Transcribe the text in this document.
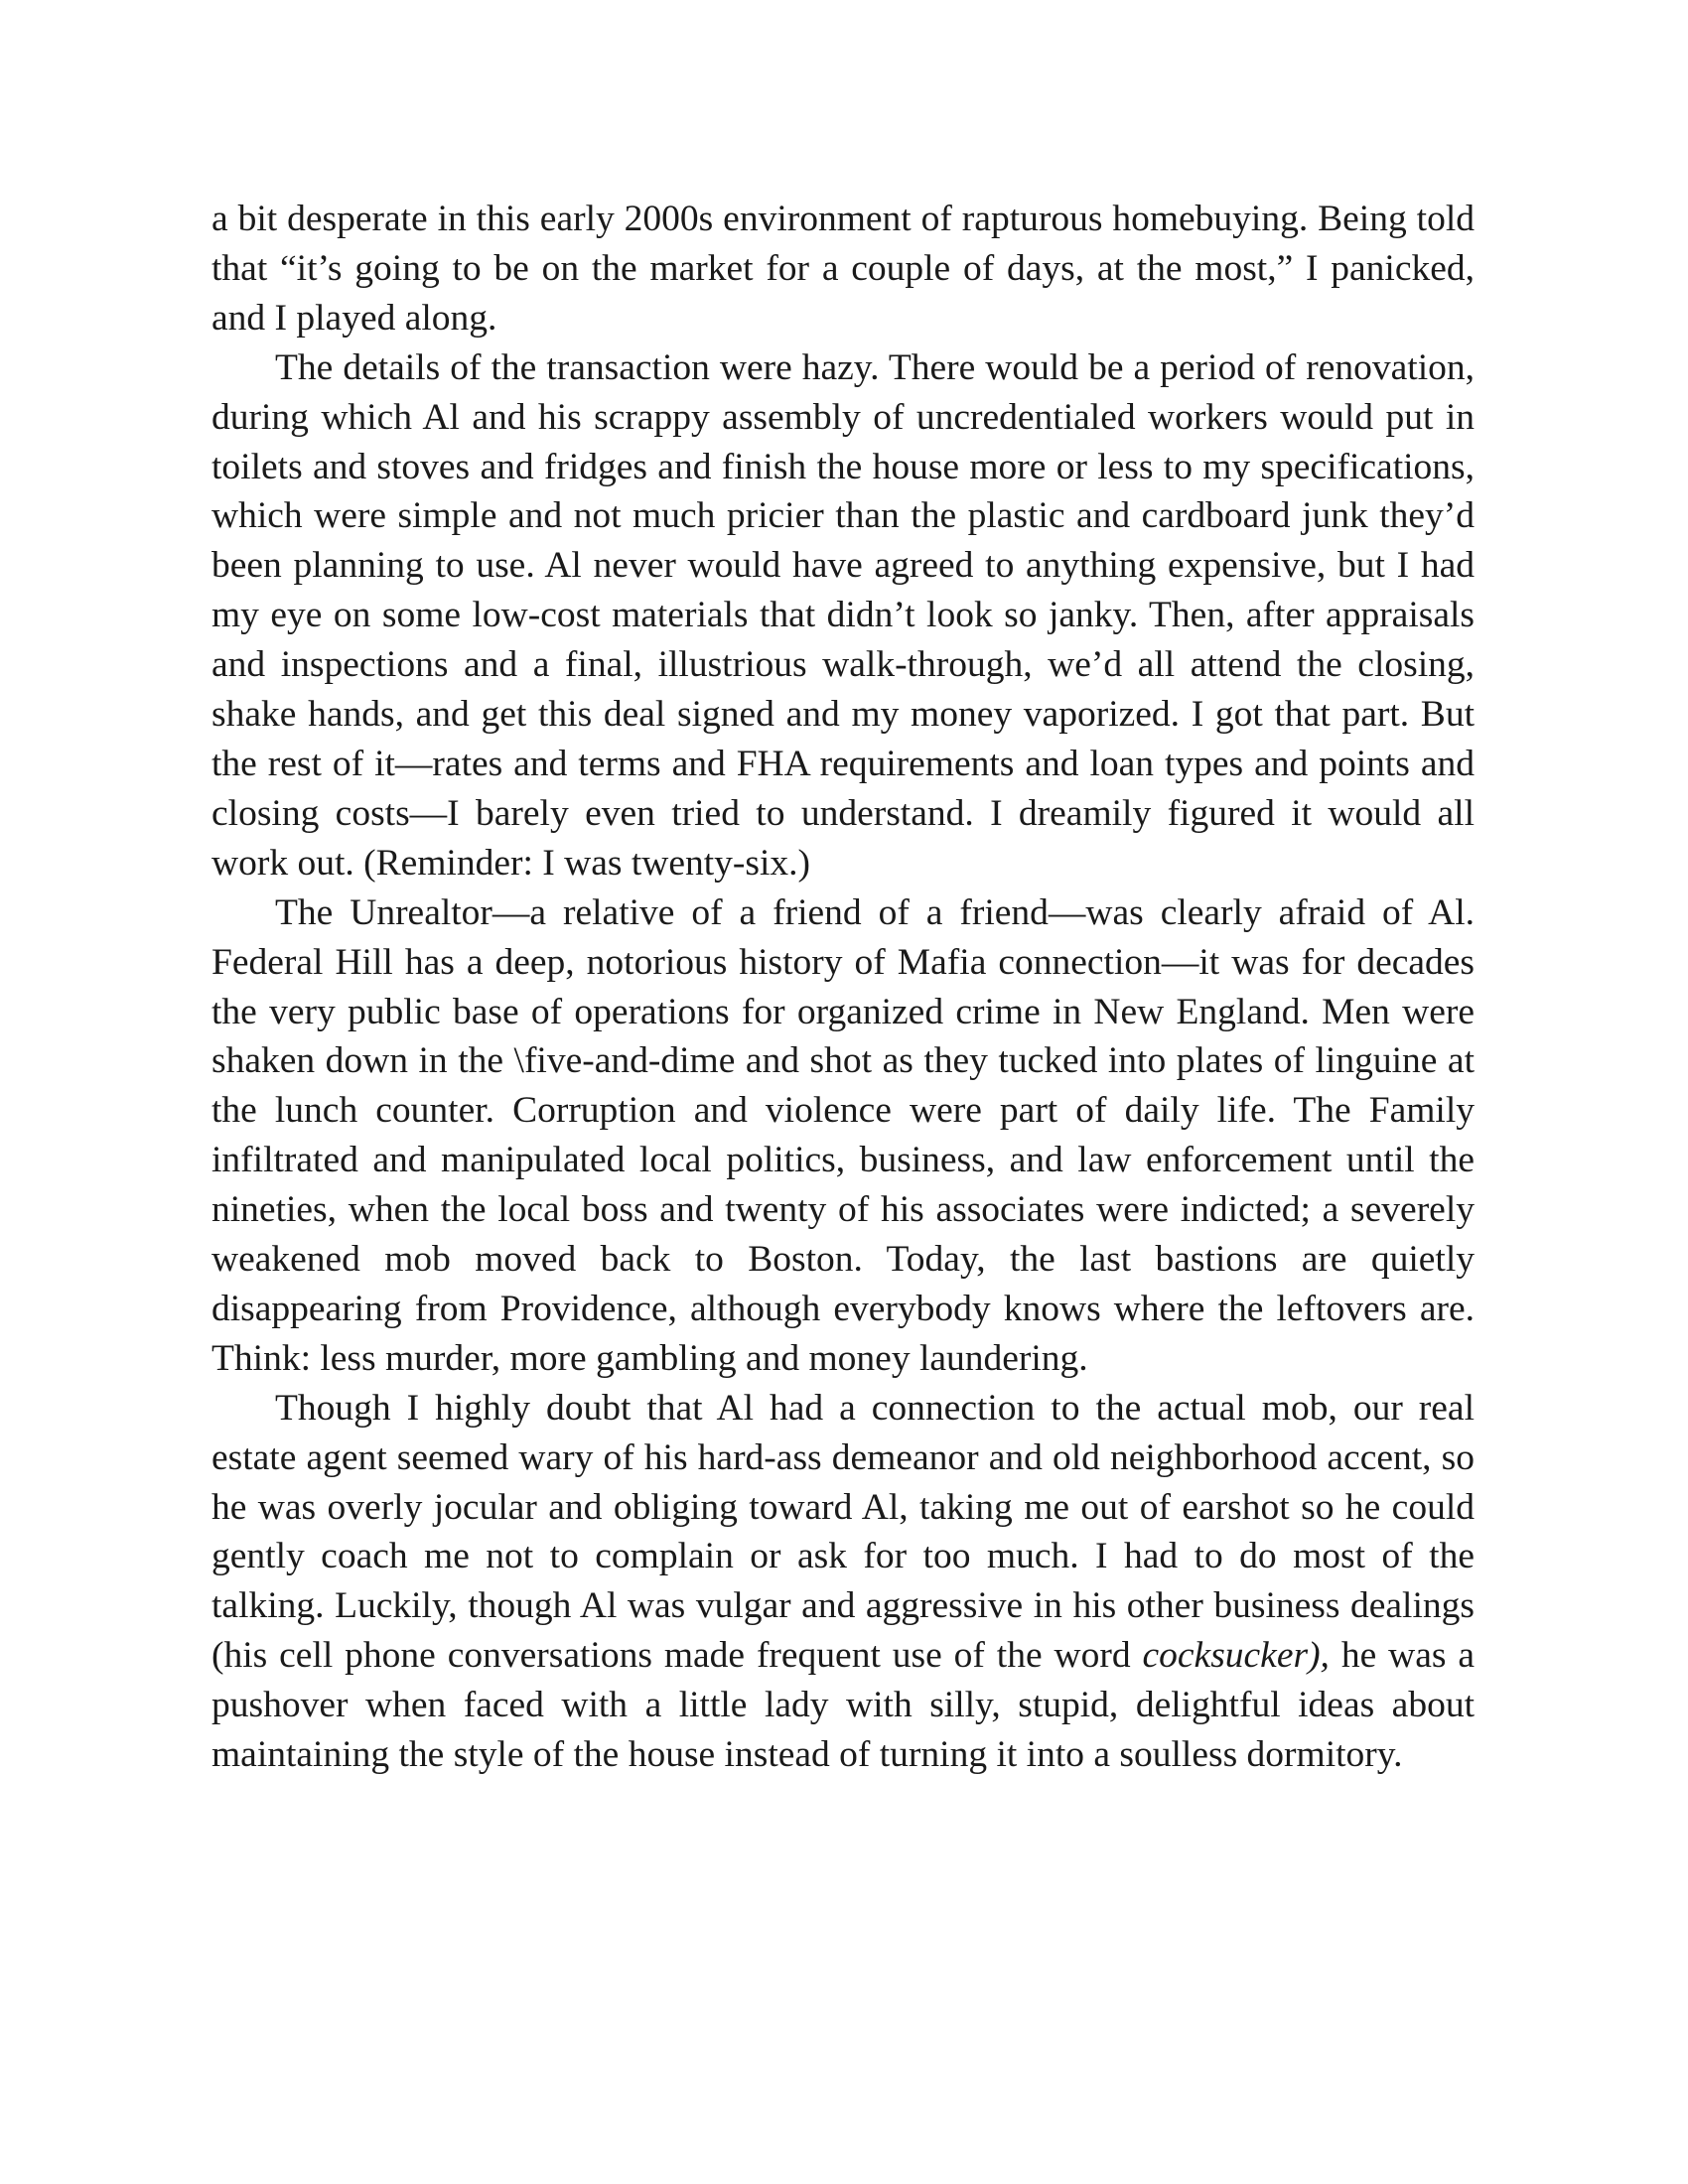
a bit desperate in this early 2000s environment of rapturous homebuying. Being told that “it’s going to be on the market for a couple of days, at the most,” I panicked, and I played along.

The details of the transaction were hazy. There would be a period of renovation, during which Al and his scrappy assembly of uncredentialed workers would put in toilets and stoves and fridges and finish the house more or less to my specifications, which were simple and not much pricier than the plastic and cardboard junk they’d been planning to use. Al never would have agreed to anything expensive, but I had my eye on some low-cost materials that didn’t look so janky. Then, after appraisals and inspections and a final, illustrious walk-through, we’d all attend the closing, shake hands, and get this deal signed and my money vaporized. I got that part. But the rest of it—rates and terms and FHA requirements and loan types and points and closing costs—I barely even tried to understand. I dreamily figured it would all work out. (Reminder: I was twenty-six.)

The Unrealtor—a relative of a friend of a friend—was clearly afraid of Al. Federal Hill has a deep, notorious history of Mafia connection—it was for decades the very public base of operations for organized crime in New England. Men were shaken down in the \five-and-dime and shot as they tucked into plates of linguine at the lunch counter. Corruption and violence were part of daily life. The Family infiltrated and manipulated local politics, business, and law enforcement until the nineties, when the local boss and twenty of his associates were indicted; a severely weakened mob moved back to Boston. Today, the last bastions are quietly disappearing from Providence, although everybody knows where the leftovers are. Think: less murder, more gambling and money laundering.

Though I highly doubt that Al had a connection to the actual mob, our real estate agent seemed wary of his hard-ass demeanor and old neighborhood accent, so he was overly jocular and obliging toward Al, taking me out of earshot so he could gently coach me not to complain or ask for too much. I had to do most of the talking. Luckily, though Al was vulgar and aggressive in his other business dealings (his cell phone conversations made frequent use of the word cocksucker), he was a pushover when faced with a little lady with silly, stupid, delightful ideas about maintaining the style of the house instead of turning it into a soulless dormitory.
